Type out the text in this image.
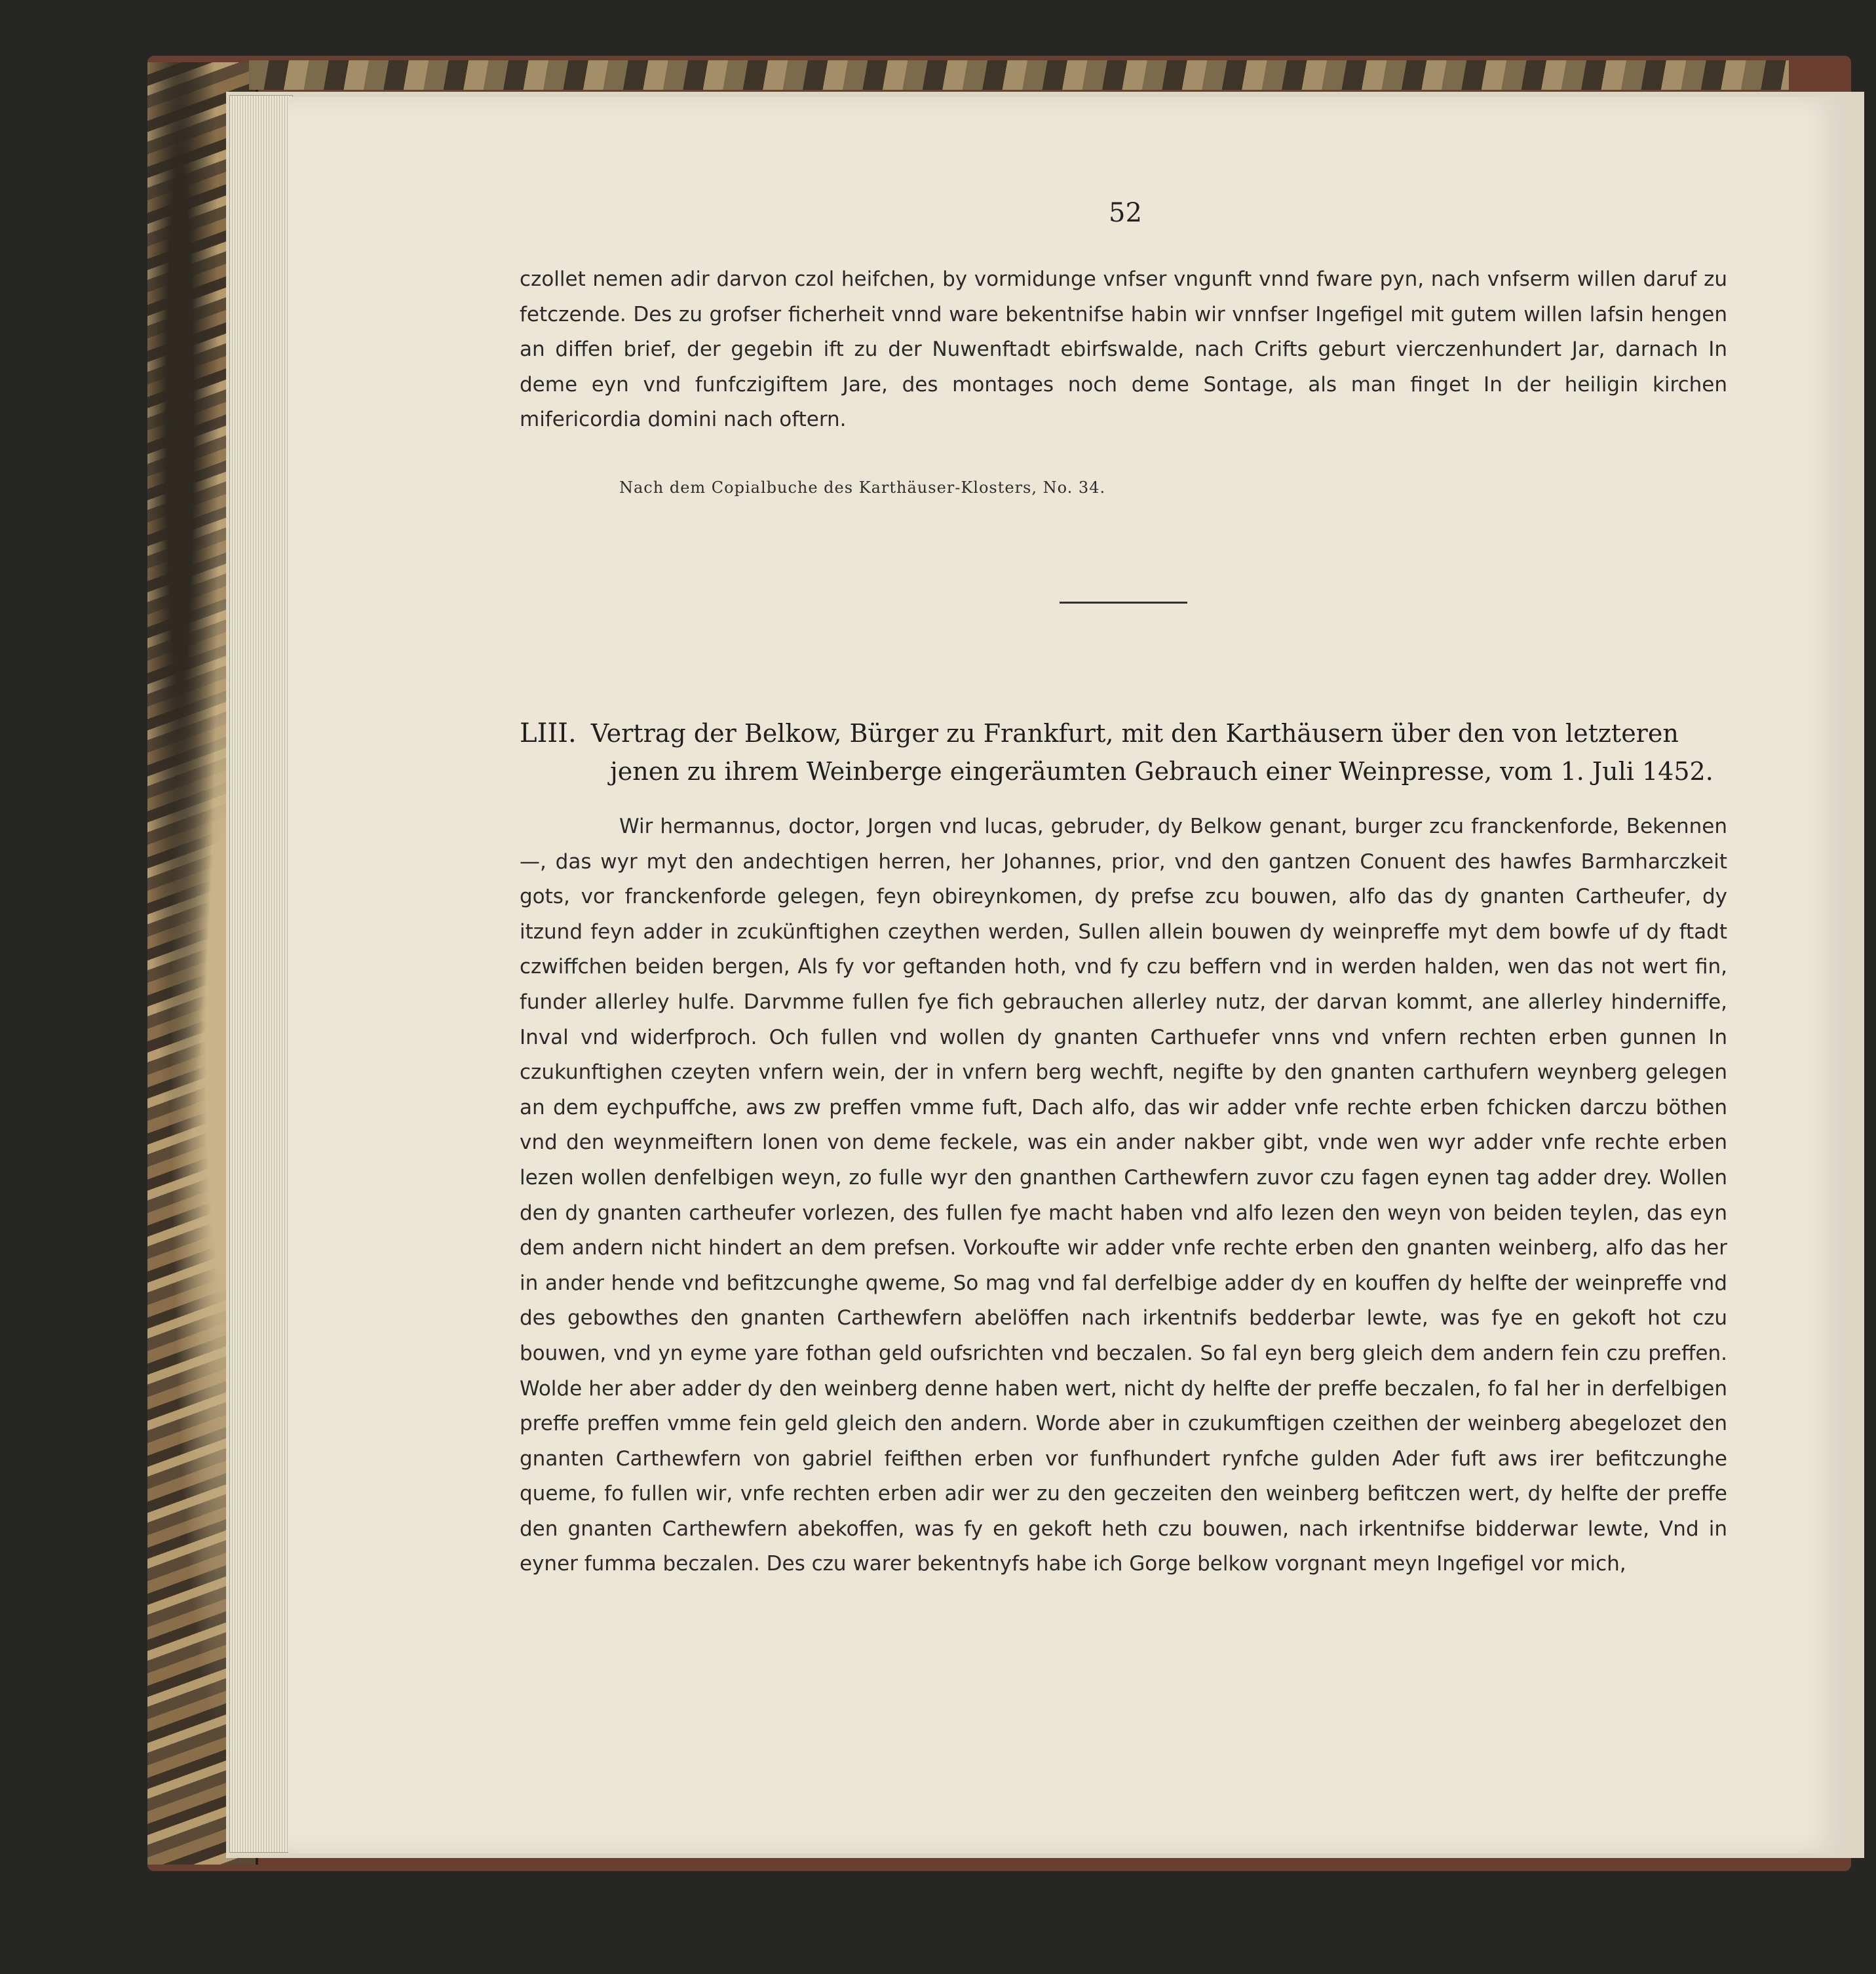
52

czollet nemen adir darvon czol heifchen, by vormidunge vnfser vngunft vnnd fware pyn, nach vnfserm willen daruf zu fetczende. Des zu grofser ficherheit vnnd ware bekentnifse habin wir vnnfser Ingefigel mit gutem willen lafsin hengen an diffen brief, der gegebin ift zu der Nuwenftadt ebirfswalde, nach Crifts geburt vierczenhundert Jar, darnach In deme eyn vnd funfczigiftem Jare, des montages noch deme Sontage, als man finget In der heiligin kirchen mifericordia domini nach oftern.

Nach dem Copialbuche des Karthäuser-Klosters, No. 34.
LIII. Vertrag der Belkow, Bürger zu Frankfurt, mit den Karthäusern über den von letzteren
jenen zu ihrem Weinberge eingeräumten Gebrauch einer Weinpresse, vom 1. Juli 1452.

Wir hermannus, doctor, Jorgen vnd lucas, gebruder, dy Belkow genant, burger zcu franckenforde, Bekennen —, das wyr myt den andechtigen herren, her Johannes, prior, vnd den gantzen Conuent des hawfes Barmharczkeit gots, vor franckenforde gelegen, feyn obireynkomen, dy prefse zcu bouwen, alfo das dy gnanten Cartheufer, dy itzund feyn adder in zcukünftighen czeythen werden, Sullen allein bouwen dy weinpreffe myt dem bowfe uf dy ftadt czwiffchen beiden bergen, Als fy vor geftanden hoth, vnd fy czu beffern vnd in werden halden, wen das not wert fin, funder allerley hulfe. Darvmme fullen fye fich gebrauchen allerley nutz, der darvan kommt, ane allerley hinderniffe, Inval vnd widerfproch. Och fullen vnd wollen dy gnanten Carthuefer vnns vnd vnfern rechten erben gunnen In czukunftighen czeyten vnfern wein, der in vnfern berg wechft, negifte by den gnanten carthufern weynberg gelegen an dem eychpuffche, aws zw preffen vmme fuft, Dach alfo, das wir adder vnfe rechte erben fchicken darczu böthen vnd den weynmeiftern lonen von deme feckele, was ein ander nakber gibt, vnde wen wyr adder vnfe rechte erben lezen wollen denfelbigen weyn, zo fulle wyr den gnanthen Carthewfern zuvor czu fagen eynen tag adder drey. Wollen den dy gnanten cartheufer vorlezen, des fullen fye macht haben vnd alfo lezen den weyn von beiden teylen, das eyn dem andern nicht hindert an dem prefsen. Vorkoufte wir adder vnfe rechte erben den gnanten weinberg, alfo das her in ander hende vnd befitzcunghe qweme, So mag vnd fal derfelbige adder dy en kouffen dy helfte der weinpreffe vnd des gebowthes den gnanten Carthewfern abelöffen nach irkentnifs bedderbar lewte, was fye en gekoft hot czu bouwen, vnd yn eyme yare fothan geld oufsrichten vnd beczalen. So fal eyn berg gleich dem andern fein czu preffen. Wolde her aber adder dy den weinberg denne haben wert, nicht dy helfte der preffe beczalen, fo fal her in derfelbigen preffe preffen vmme fein geld gleich den andern. Worde aber in czukumftigen czeithen der weinberg abegelozet den gnanten Carthewfern von gabriel feifthen erben vor funfhundert rynfche gulden Ader fuft aws irer befitczunghe queme, fo fullen wir, vnfe rechten erben adir wer zu den geczeiten den weinberg befitczen wert, dy helfte der preffe den gnanten Carthewfern abekoffen, was fy en gekoft heth czu bouwen, nach irkentnifse bidderwar lewte, Vnd in eyner fumma beczalen. Des czu warer bekentnyfs habe ich Gorge belkow vorgnant meyn Ingefigel vor mich,
